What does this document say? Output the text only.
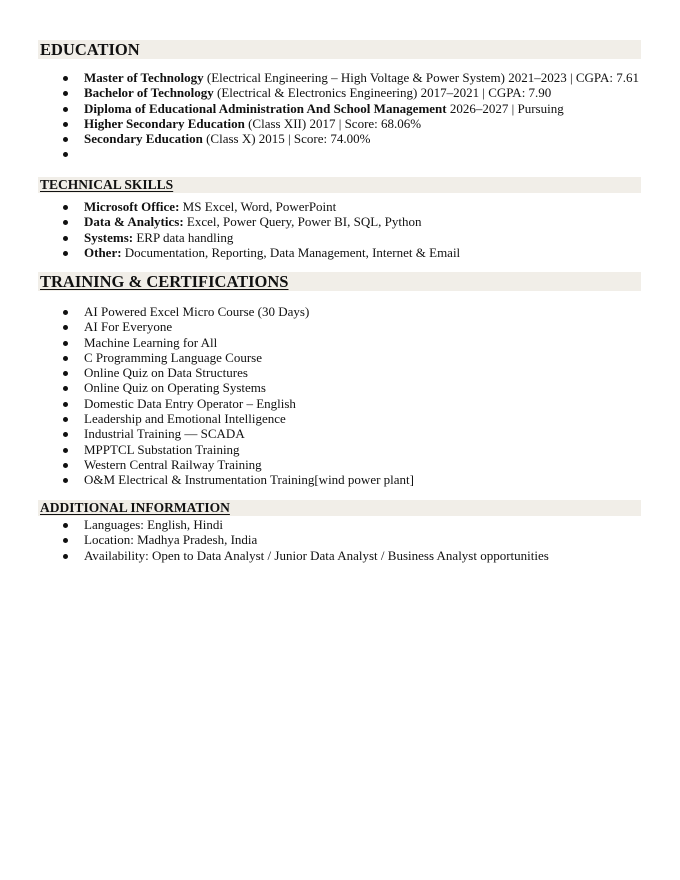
EDUCATION
Master of Technology (Electrical Engineering – High Voltage & Power System) 2021–2023 | CGPA: 7.61
Bachelor of Technology (Electrical & Electronics Engineering) 2017–2021 | CGPA: 7.90
Diploma of Educational Administration And School Management 2026–2027 | Pursuing
Higher Secondary Education (Class XII) 2017 | Score: 68.06%
Secondary Education (Class X) 2015 | Score: 74.00%

TECHNICAL SKILLS
Microsoft Office: MS Excel, Word, PowerPoint
Data & Analytics: Excel, Power Query, Power BI, SQL, Python
Systems: ERP data handling
Other: Documentation, Reporting, Data Management, Internet & Email
TRAINING & CERTIFICATIONS
AI Powered Excel Micro Course (30 Days)
AI For Everyone
Machine Learning for All
C Programming Language Course
Online Quiz on Data Structures
Online Quiz on Operating Systems
Domestic Data Entry Operator – English
Leadership and Emotional Intelligence
Industrial Training — SCADA
MPPTCL Substation Training
Western Central Railway Training
O&M Electrical & Instrumentation Training[wind power plant]
ADDITIONAL INFORMATION
Languages: English, Hindi
Location: Madhya Pradesh, India
Availability: Open to Data Analyst / Junior Data Analyst / Business Analyst opportunities
